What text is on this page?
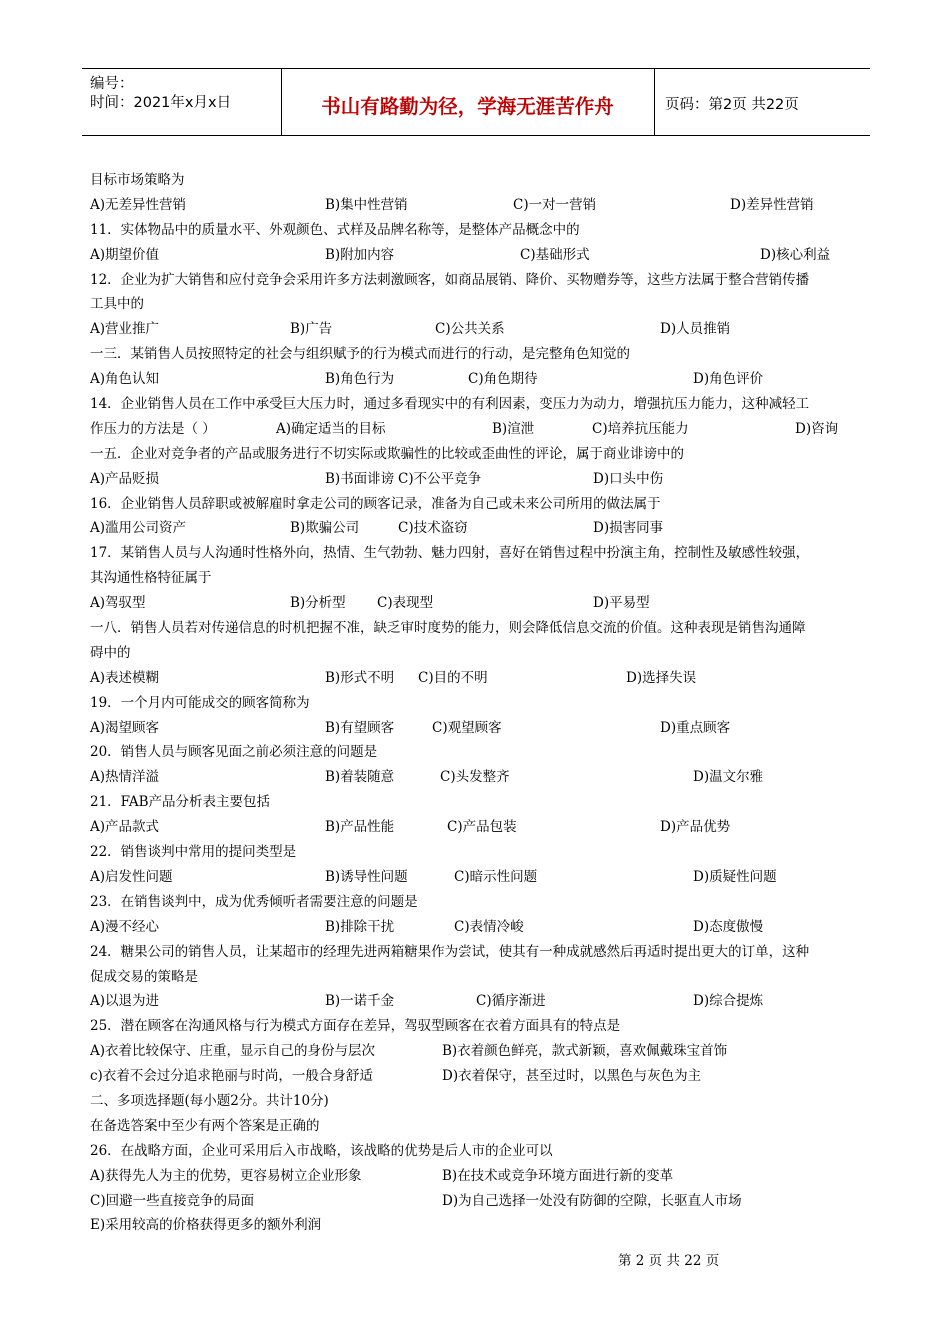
编号：
时间：2021年x月x日	书山有路勤为径，学海无涯苦作舟	页码：第2页 共22页
目标市场策略为
A)无差异性营销	B)集中性营销	C)一对一营销	D)差异性营销
11．实体物品中的质量水平、外观颜色、式样及品牌名称等，是整体产品概念中的
A)期望价值	B)附加内容	C)基础形式	D)核心利益
12．企业为扩大销售和应付竞争会采用许多方法刺激顾客，如商品展销、降价、买物赠券等，这些方法属于整合营销传播
工具中的
A)营业推广	B)广告	C)公共关系	D)人员推销
一三．某销售人员按照特定的社会与组织赋予的行为模式而进行的行动，是完整角色知觉的
A)角色认知	B)角色行为	C)角色期待	D)角色评价
14．企业销售人员在工作中承受巨大压力时，通过多看现实中的有利因素，变压力为动力，增强抗压力能力，这种减轻工
作压力的方法是（ ）	A)确定适当的目标	B)渲泄	C)培养抗压能力	D)咨询
一五．企业对竞争者的产品或服务进行不切实际或欺骗性的比较或歪曲性的评论，属于商业诽谤中的
A)产品贬损	B)书面诽谤 C)不公平竞争	D)口头中伤
16．企业销售人员辞职或被解雇时拿走公司的顾客记录，准备为自己或未来公司所用的做法属于
A)滥用公司资产	B)欺骗公司	C)技术盗窃	D)损害同事
17．某销售人员与人沟通时性格外向，热情、生气勃勃、魅力四射，喜好在销售过程中扮演主角，控制性及敏感性较强，
其沟通性格特征属于
A)驾驭型	B)分析型 C)表现型	D)平易型
一八．销售人员若对传递信息的时机把握不准，缺乏审时度势的能力，则会降低信息交流的价值。这种表现是销售沟通障
碍中的
A)表述模糊	B)形式不明 C)目的不明	D)选择失误
19．一个月内可能成交的顾客简称为
A)渴望顾客	B)有望顾客	C)观望顾客	D)重点顾客
20．销售人员与顾客见面之前必须注意的问题是
A)热情洋溢	B)着装随意	C)头发整齐	D)温文尔雅
21．FAB产品分析表主要包括
A)产品款式	B)产品性能	C)产品包装	D)产品优势
22．销售谈判中常用的提问类型是
A)启发性问题	B)诱导性问题	C)暗示性问题	D)质疑性问题
23．在销售谈判中，成为优秀倾听者需要注意的问题是
A)漫不经心	B)排除干扰	C)表情冷峻	D)态度傲慢
24．糖果公司的销售人员，让某超市的经理先进两箱糖果作为尝试，使其有一种成就感然后再适时提出更大的订单，这种
促成交易的策略是
A)以退为进	B)一诺千金	C)循序渐进	D)综合提炼
25．潜在顾客在沟通风格与行为模式方面存在差异，驾驭型顾客在衣着方面具有的特点是
A)衣着比较保守、庄重，显示自己的身份与层次	B)衣着颜色鲜亮，款式新颖，喜欢佩戴珠宝首饰
c)衣着不会过分追求艳丽与时尚，一般合身舒适	D)衣着保守，甚至过时，以黑色与灰色为主
二、多项选择题(每小题2分。共计10分)
在备选答案中至少有两个答案是正确的
26．在战略方面，企业可采用后入市战略，该战略的优势是后人市的企业可以
A)获得先人为主的优势，更容易树立企业形象	B)在技术或竞争环境方面进行新的变革
C)回避一些直接竞争的局面	D)为自己选择一处没有防御的空隙，长驱直人市场
E)采用较高的价格获得更多的额外利润
第 2 页 共 22 页
